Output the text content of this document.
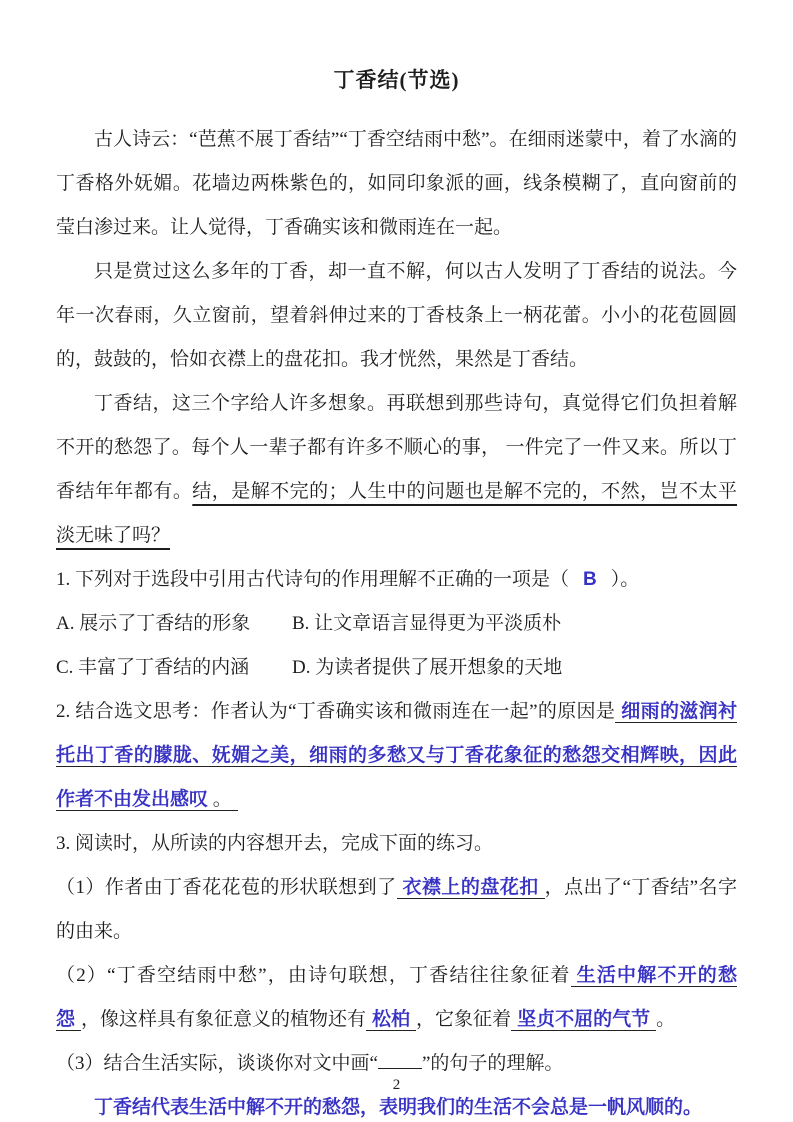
丁香结(节选)

古人诗云：“芭蕉不展丁香结”“丁香空结雨中愁”。在细雨迷蒙中，着了水滴的丁香格外妩媚。花墙边两株紫色的，如同印象派的画，线条模糊了，直向窗前的莹白渗过来。让人觉得，丁香确实该和微雨连在一起。

只是赏过这么多年的丁香，却一直不解，何以古人发明了丁香结的说法。今年一次春雨，久立窗前，望着斜伸过来的丁香枝条上一柄花蕾。小小的花苞圆圆的，鼓鼓的，恰如衣襟上的盘花扣。我才恍然，果然是丁香结。

丁香结，这三个字给人许多想象。再联想到那些诗句，真觉得它们负担着解不开的愁怨了。每个人一辈子都有许多不顺心的事， 一件完了一件又来。所以丁香结年年都有。结，是解不完的；人生中的问题也是解不完的，不然，岂不太平淡无味了吗？

1. 下列对于选段中引用古代诗句的作用理解不正确的一项是（ B ）。

A. 展示了丁香结的形象	B. 让文章语言显得更为平淡质朴
C. 丰富了丁香结的内涵	D. 为读者提供了展开想象的天地

2. 结合选文思考：作者认为“丁香确实该和微雨连在一起”的原因是 细雨的滋润衬托出丁香的朦胧、妩媚之美，细雨的多愁又与丁香花象征的愁怨交相辉映，因此作者不由发出感叹 。

3. 阅读时，从所读的内容想开去，完成下面的练习。

（1）作者由丁香花花苞的形状联想到了 衣襟上的盘花扣 ，点出了“丁香结”名字的由来。

（2）“丁香空结雨中愁”，由诗句联想，丁香结往往象征着 生活中解不开的愁怨 ，像这样具有象征意义的植物还有 松柏 ，它象征着 坚贞不屈的气节 。

（3）结合生活实际，谈谈你对文中画“ ”的句子的理解。

丁香结代表生活中解不开的愁怨，表明我们的生活不会总是一帆风顺的。
2
